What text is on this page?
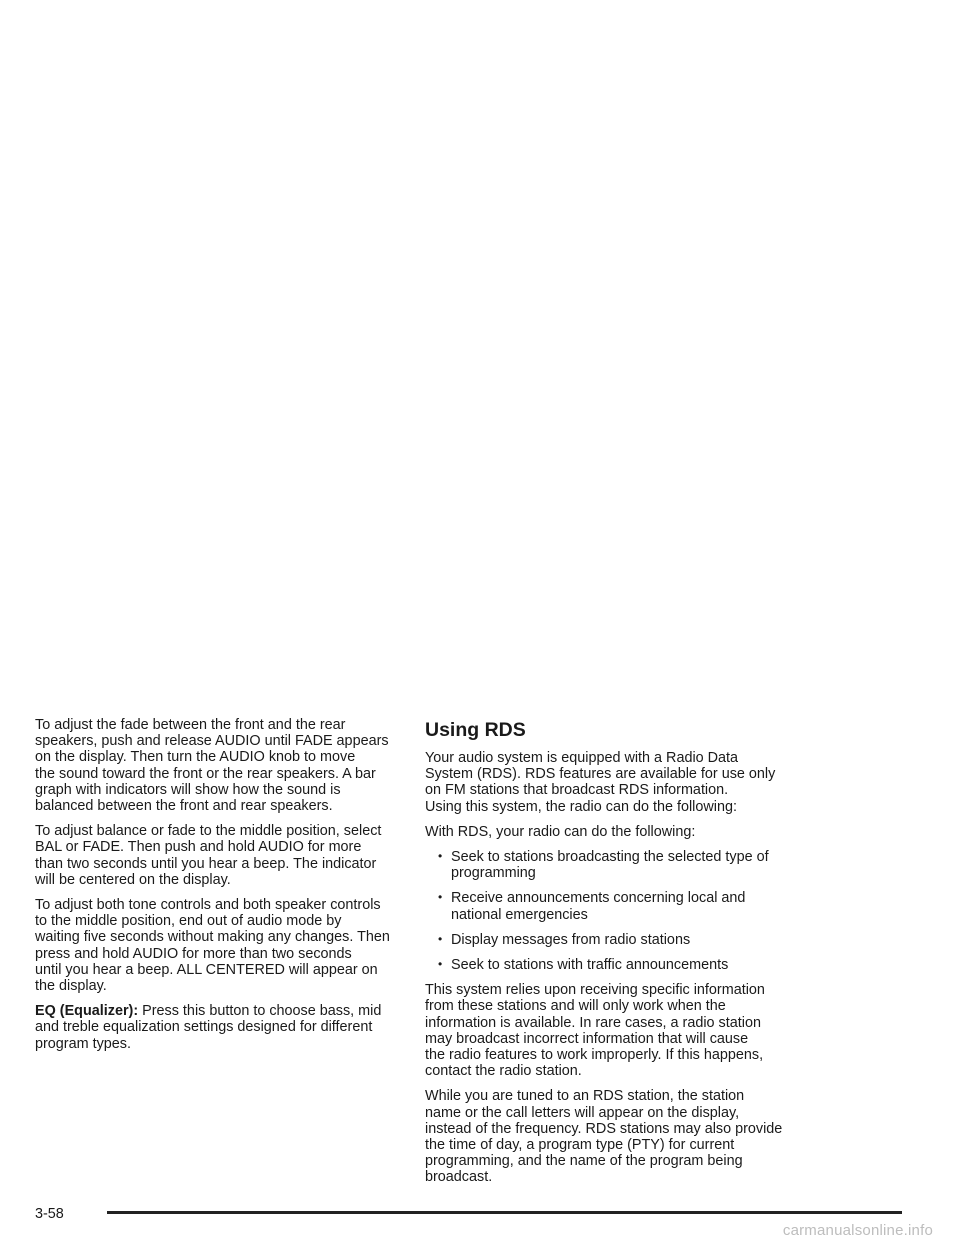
To adjust the fade between the front and the rear
speakers, push and release AUDIO until FADE appears
on the display. Then turn the AUDIO knob to move
the sound toward the front or the rear speakers. A bar
graph with indicators will show how the sound is
balanced between the front and rear speakers.

To adjust balance or fade to the middle position, select
BAL or FADE. Then push and hold AUDIO for more
than two seconds until you hear a beep. The indicator
will be centered on the display.

To adjust both tone controls and both speaker controls
to the middle position, end out of audio mode by
waiting five seconds without making any changes. Then
press and hold AUDIO for more than two seconds
until you hear a beep. ALL CENTERED will appear on
the display.

EQ (Equalizer): Press this button to choose bass, mid
and treble equalization settings designed for different
program types.

Using RDS

Your audio system is equipped with a Radio Data
System (RDS). RDS features are available for use only
on FM stations that broadcast RDS information.
Using this system, the radio can do the following:

With RDS, your radio can do the following:

• Seek to stations broadcasting the selected type of
programming
• Receive announcements concerning local and
national emergencies
• Display messages from radio stations
• Seek to stations with traffic announcements

This system relies upon receiving specific information
from these stations and will only work when the
information is available. In rare cases, a radio station
may broadcast incorrect information that will cause
the radio features to work improperly. If this happens,
contact the radio station.

While you are tuned to an RDS station, the station
name or the call letters will appear on the display,
instead of the frequency. RDS stations may also provide
the time of day, a program type (PTY) for current
programming, and the name of the program being
broadcast.

3-58
carmanualsonline.info
